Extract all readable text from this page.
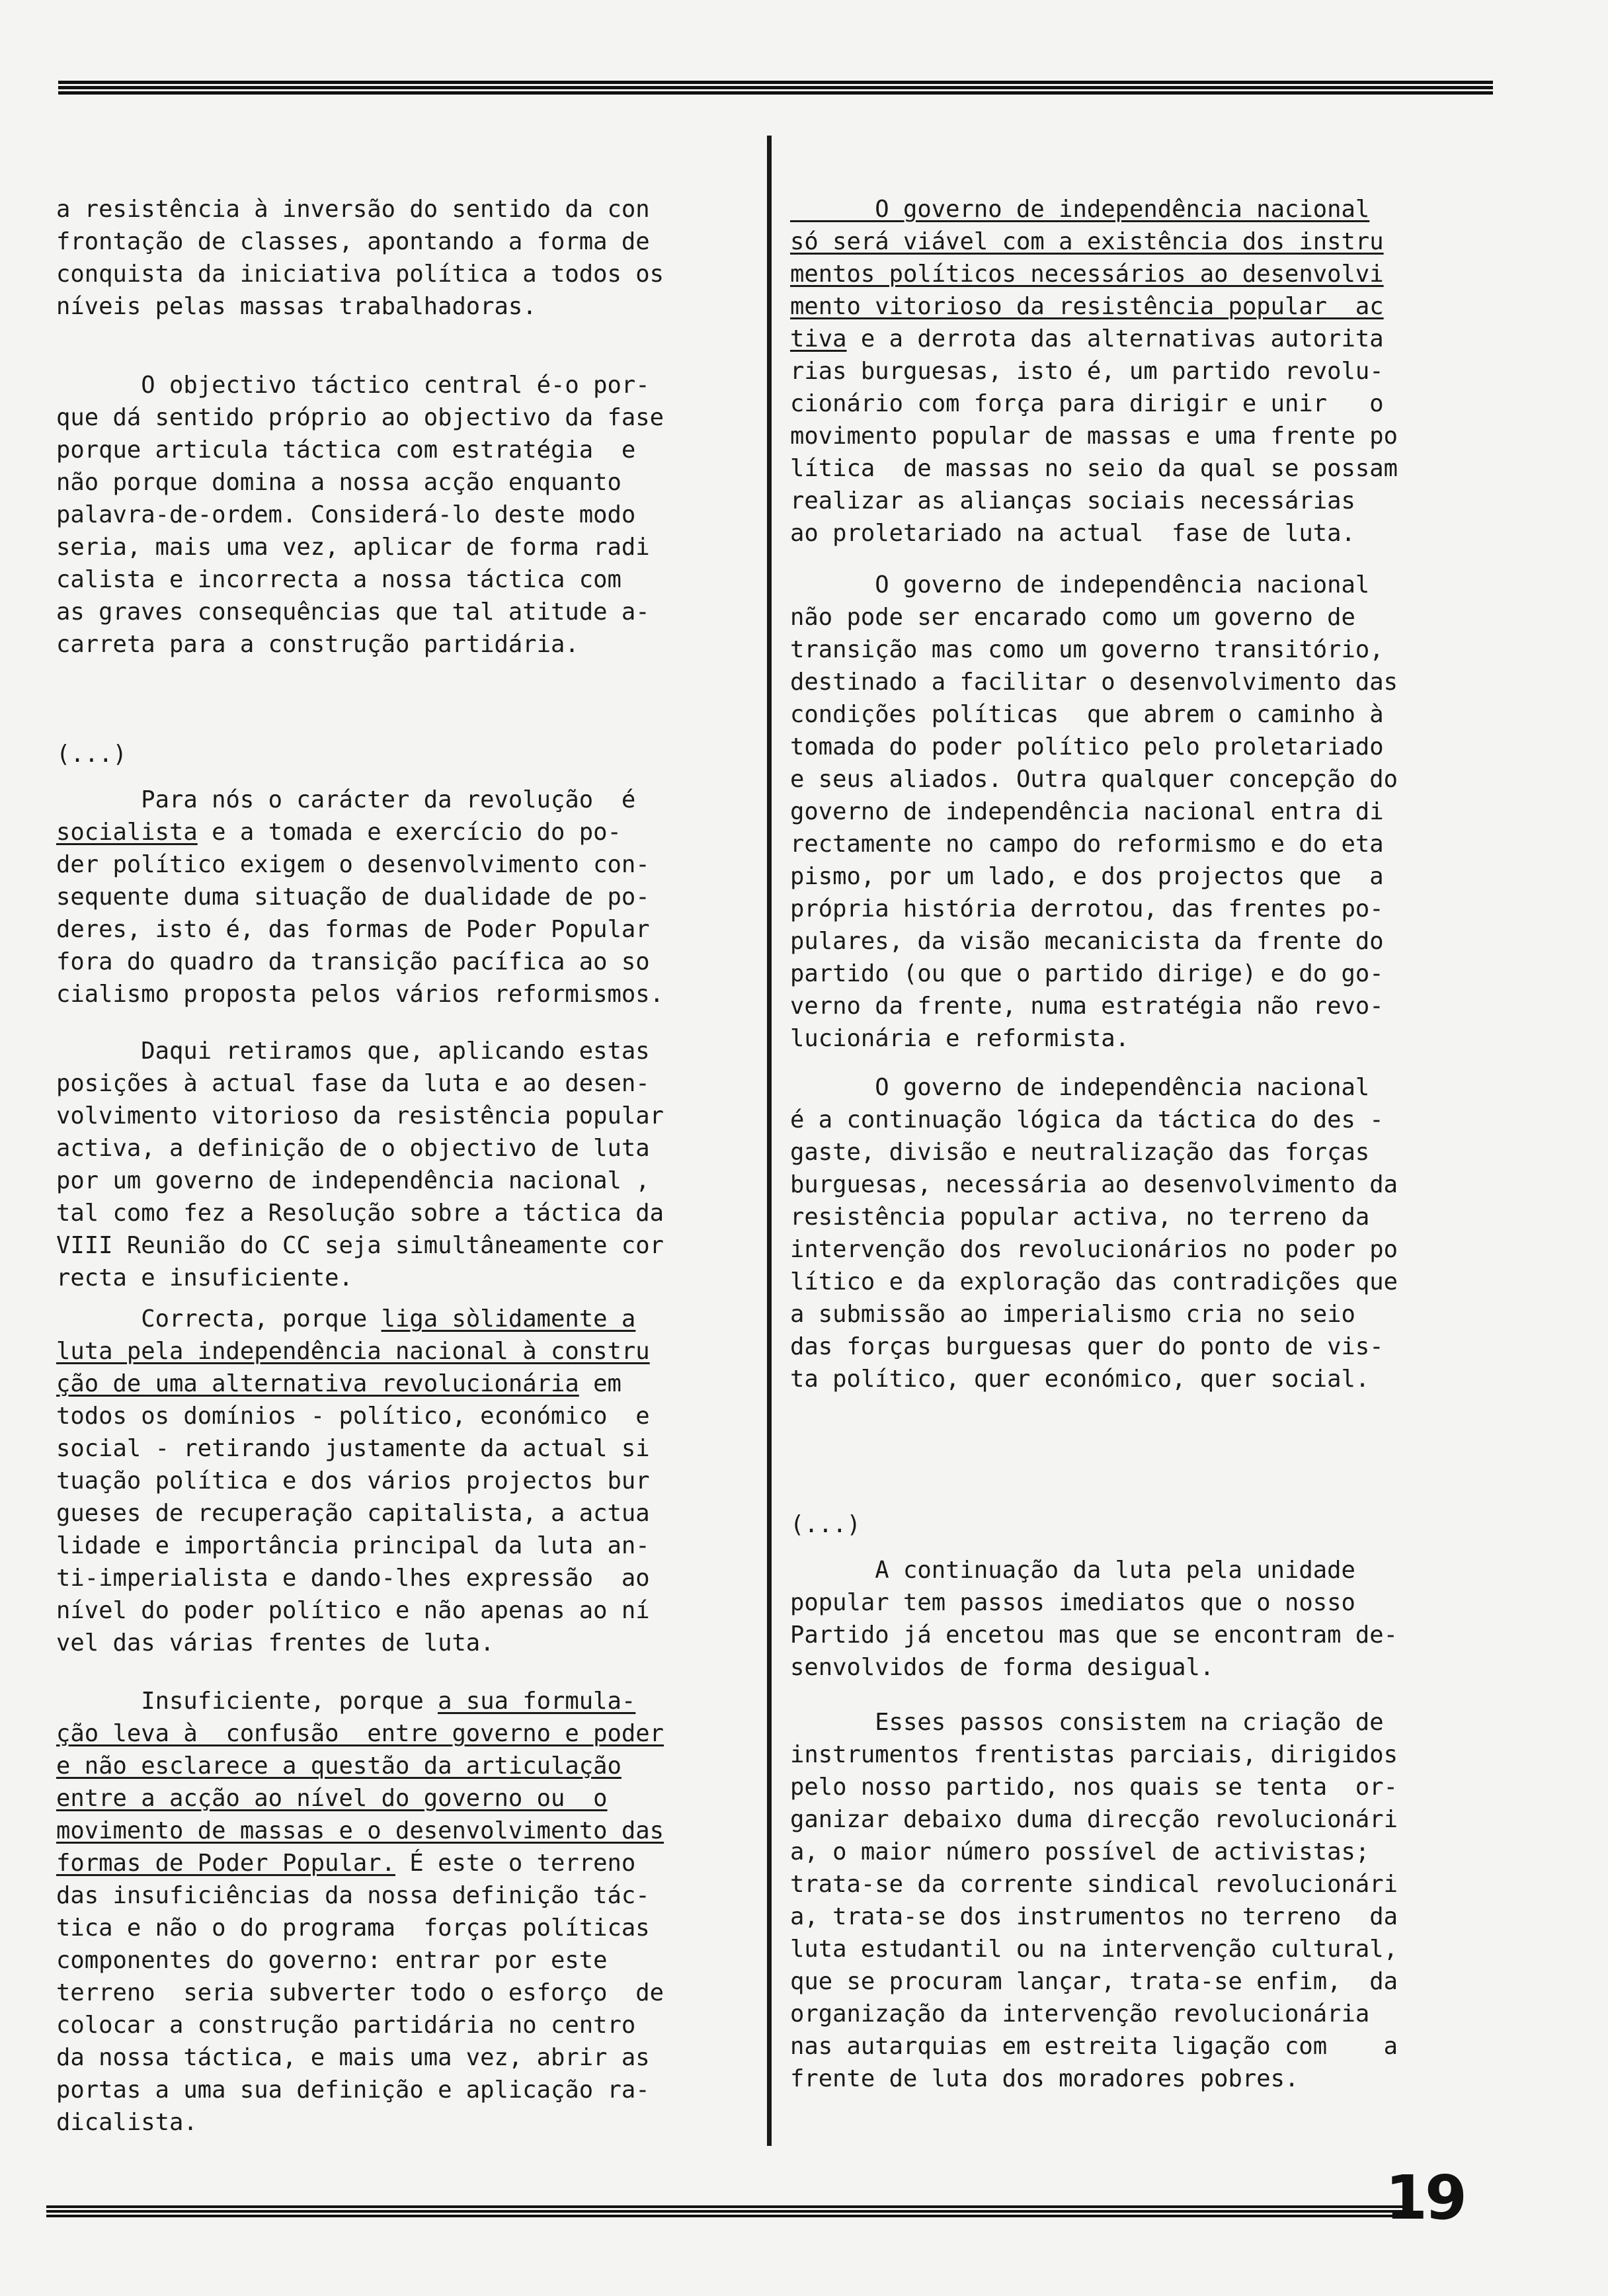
a resistência à inversão do sentido da con
frontação de classes, apontando a forma de
conquista da iniciativa política a todos os
níveis pelas massas trabalhadoras.

O objectivo táctico central é-o por-
que dá sentido próprio ao objectivo da fase
porque articula táctica com estratégia  e
não porque domina a nossa acção enquanto
palavra-de-ordem. Considerá-lo deste modo
seria, mais uma vez, aplicar de forma radi
calista e incorrecta a nossa táctica com
as graves consequências que tal atitude a-
carreta para a construção partidária.

(...)

Para nós o carácter da revolução  é
socialista e a tomada e exercício do po-
der político exigem o desenvolvimento con-
sequente duma situação de dualidade de po-
deres, isto é, das formas de Poder Popular
fora do quadro da transição pacífica ao so
cialismo proposta pelos vários reformismos.

Daqui retiramos que, aplicando estas
posições à actual fase da luta e ao desen-
volvimento vitorioso da resistência popular
activa, a definição de o objectivo de luta
por um governo de independência nacional ,
tal como fez a Resolução sobre a táctica da
VIII Reunião do CC seja simultâneamente cor
recta e insuficiente.

Correcta, porque liga sòlidamente a
luta pela independência nacional à constru
ção de uma alternativa revolucionária em
todos os domínios - político, económico  e
social - retirando justamente da actual si
tuação política e dos vários projectos bur
gueses de recuperação capitalista, a actua
lidade e importância principal da luta an-
ti-imperialista e dando-lhes expressão  ao
nível do poder político e não apenas ao ní
vel das várias frentes de luta.

Insuficiente, porque a sua formula-
ção leva à  confusão  entre governo e poder
e não esclarece a questão da articulação
entre a acção ao nível do governo ou  o
movimento de massas e o desenvolvimento das
formas de Poder Popular. É este o terreno
das insuficiências da nossa definição tác-
tica e não o do programa  forças políticas
componentes do governo: entrar por este
terreno  seria subverter todo o esforço  de
colocar a construção partidária no centro
da nossa táctica, e mais uma vez, abrir as
portas a uma sua definição e aplicação ra-
dicalista.

O governo de independência nacional
só será viável com a existência dos instru
mentos políticos necessários ao desenvolvi
mento vitorioso da resistência popular  ac
tiva e a derrota das alternativas autorita
rias burguesas, isto é, um partido revolu-
cionário com força para dirigir e unir   o
movimento popular de massas e uma frente po
lítica  de massas no seio da qual se possam
realizar as alianças sociais necessárias
ao proletariado na actual  fase de luta.

O governo de independência nacional
não pode ser encarado como um governo de
transição mas como um governo transitório,
destinado a facilitar o desenvolvimento das
condições políticas  que abrem o caminho à
tomada do poder político pelo proletariado
e seus aliados. Outra qualquer concepção do
governo de independência nacional entra di
rectamente no campo do reformismo e do eta
pismo, por um lado, e dos projectos que  a
própria história derrotou, das frentes po-
pulares, da visão mecanicista da frente do
partido (ou que o partido dirige) e do go-
verno da frente, numa estratégia não revo-
lucionária e reformista.

O governo de independência nacional
é a continuação lógica da táctica do des -
gaste, divisão e neutralização das forças
burguesas, necessária ao desenvolvimento da
resistência popular activa, no terreno da
intervenção dos revolucionários no poder po
lítico e da exploração das contradições que
a submissão ao imperialismo cria no seio
das forças burguesas quer do ponto de vis-
ta político, quer económico, quer social.

(...)

A continuação da luta pela unidade
popular tem passos imediatos que o nosso
Partido já encetou mas que se encontram de-
senvolvidos de forma desigual.

Esses passos consistem na criação de
instrumentos frentistas parciais, dirigidos
pelo nosso partido, nos quais se tenta  or-
ganizar debaixo duma direcção revolucionári
a, o maior número possível de activistas;
trata-se da corrente sindical revolucionári
a, trata-se dos instrumentos no terreno  da
luta estudantil ou na intervenção cultural,
que se procuram lançar, trata-se enfim,  da
organização da intervenção revolucionária
nas autarquias em estreita ligação com    a
frente de luta dos moradores pobres.

19
